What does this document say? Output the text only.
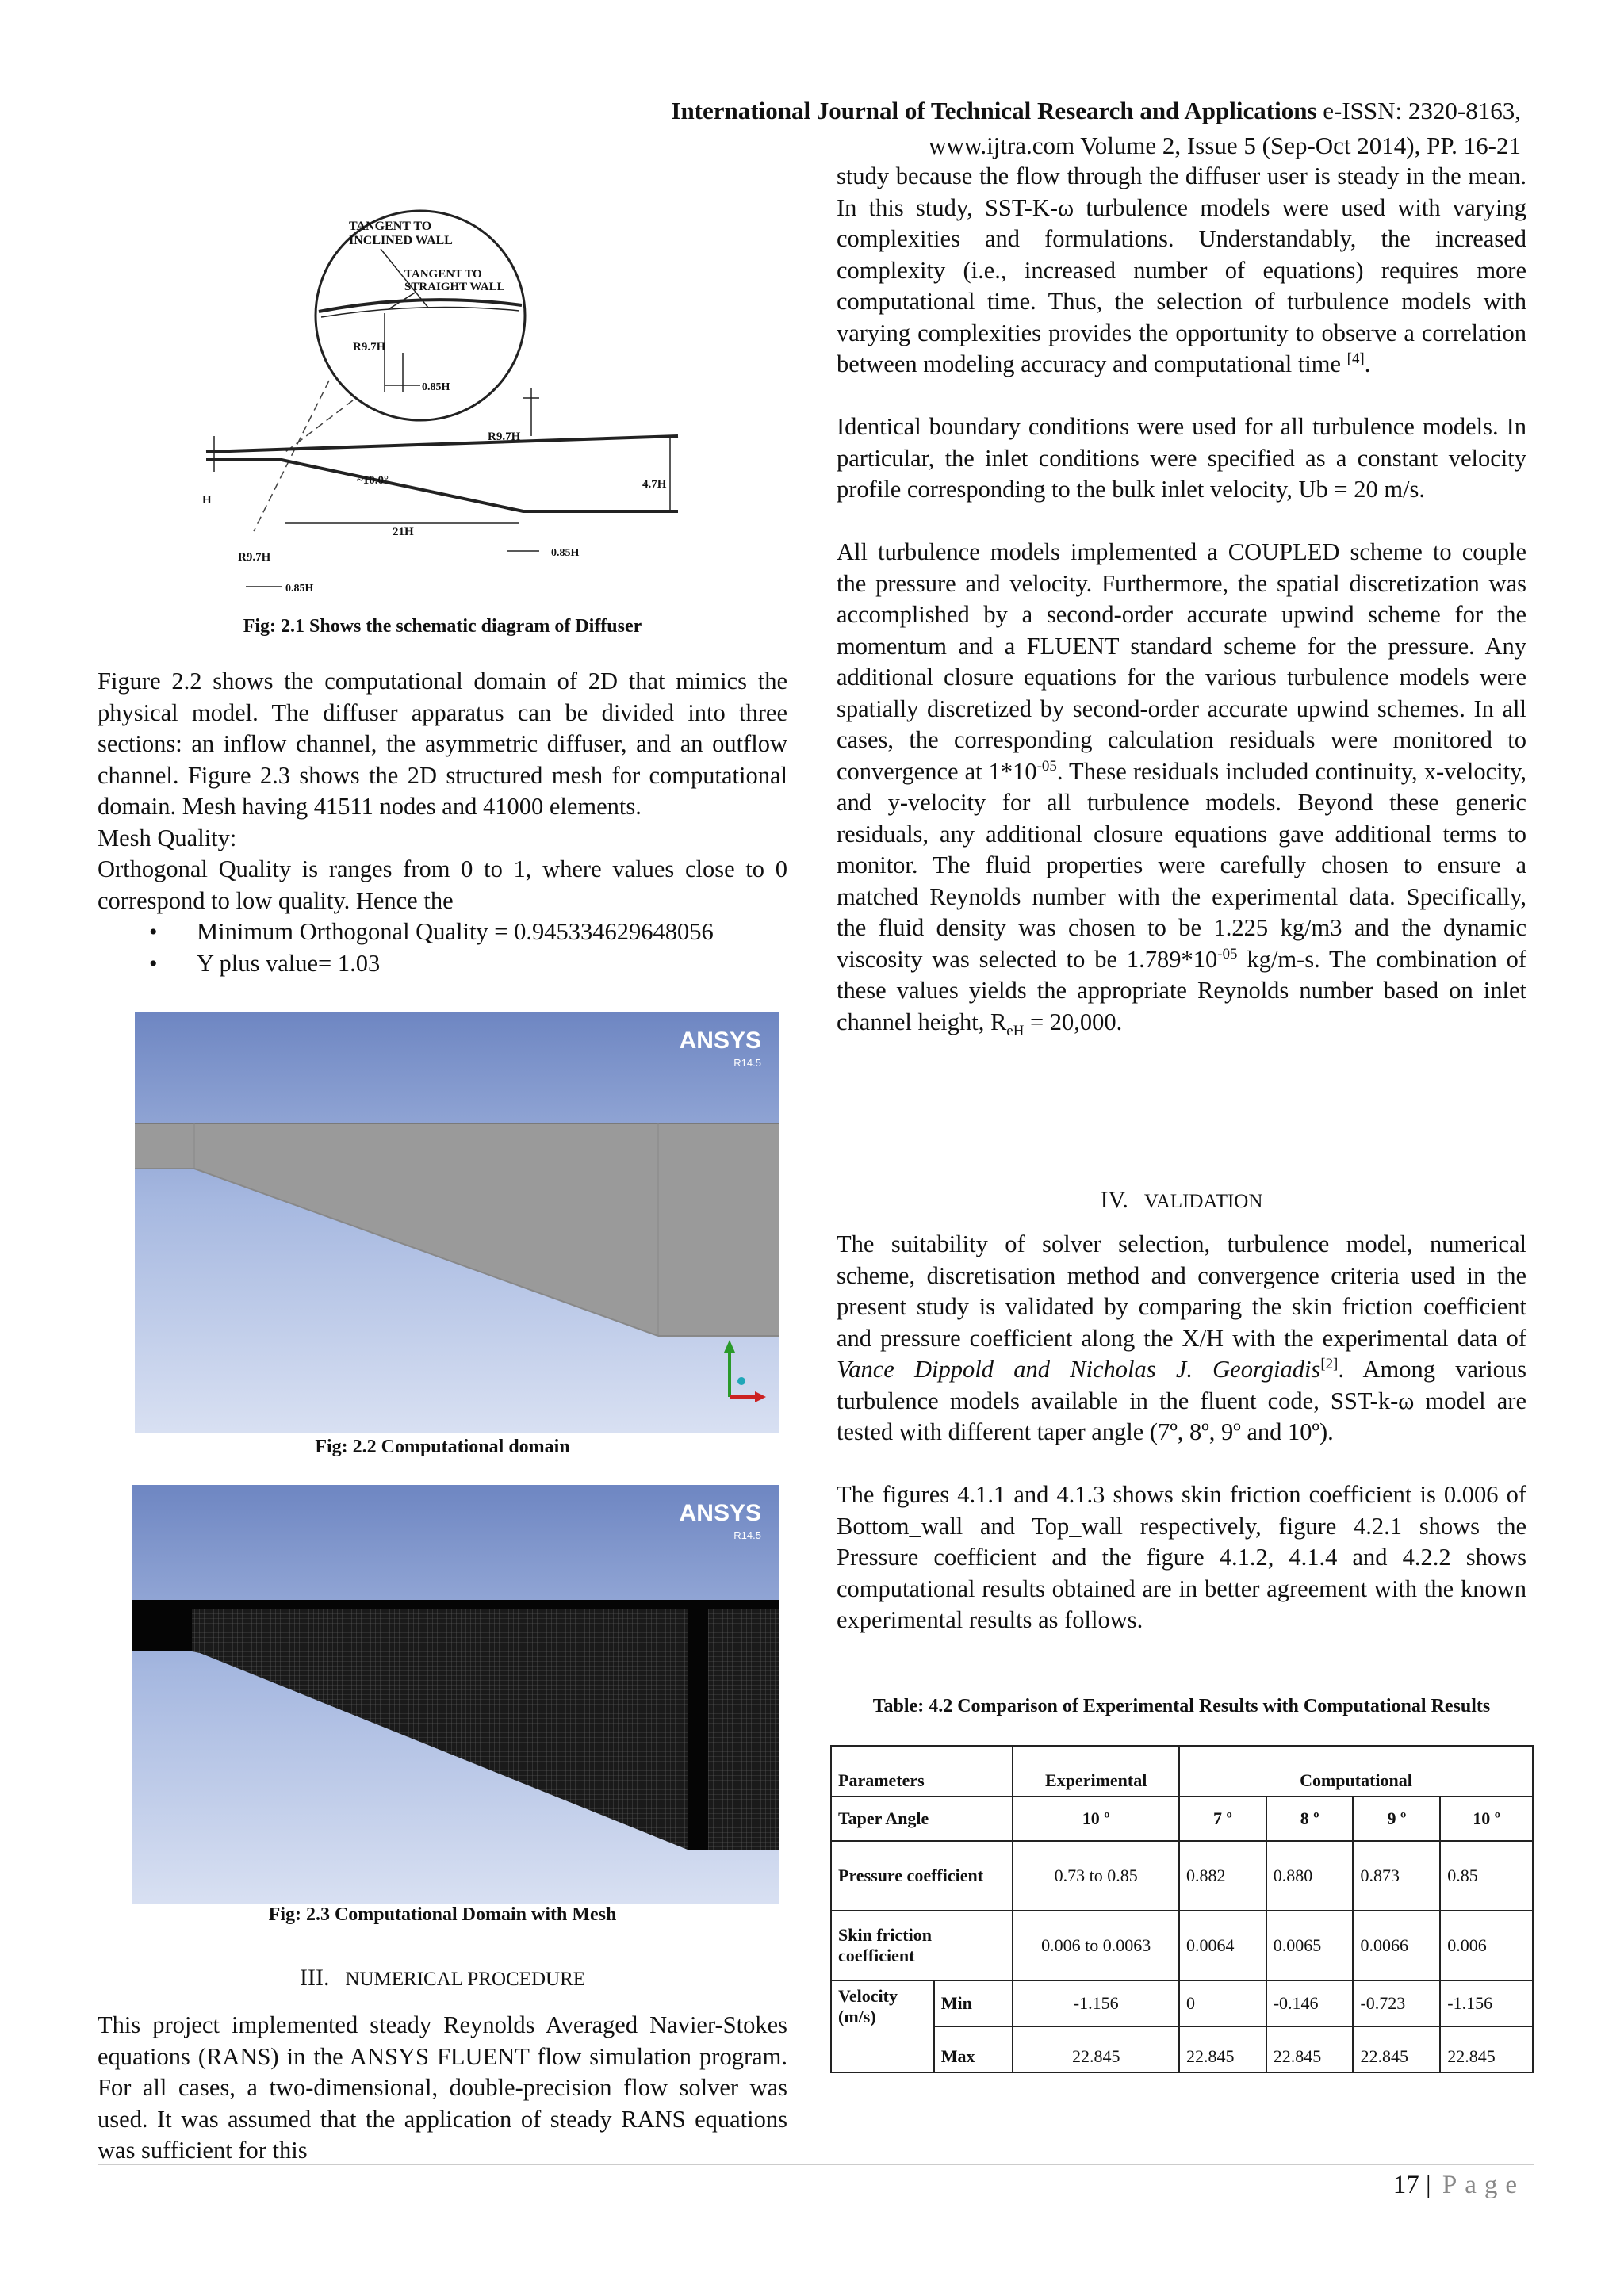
International Journal of Technical Research and Applications e-ISSN: 2320-8163,
www.ijtra.com Volume 2, Issue 5 (Sep-Oct 2014), PP. 16-21
TANGENT TO
INCLINED WALL
TANGENT TO
STRAIGHT WALL
R9.7H
0.85H
R9.7H
H
~10.0°	4.7H
21H
0.85H
R9.7H
0.85H
Fig: 2.1 Shows the schematic diagram of Diffuser

Figure 2.2 shows the computational domain of 2D that mimics the physical model. The diffuser apparatus can be divided into three sections: an inflow channel, the asymmetric diffuser, and an outflow channel. Figure 2.3 shows the 2D structured mesh for computational domain. Mesh having 41511 nodes and 41000 elements.

Mesh Quality:

Orthogonal Quality is ranges from 0 to 1, where values close to 0 correspond to low quality. Hence the

• Minimum Orthogonal Quality = 0.945334629648056
• Y plus value= 1.03
ANSYS
R14.5
Fig: 2.2 Computational domain
ANSYS
R14.5
Fig: 2.3 Computational Domain with Mesh
III. NUMERICAL PROCEDURE

This project implemented steady Reynolds Averaged Navier-Stokes equations (RANS) in the ANSYS FLUENT flow simulation program. For all cases, a two-dimensional, double-precision flow solver was used. It was assumed that the application of steady RANS equations was sufficient for this

study because the flow through the diffuser user is steady in the mean. In this study, SST-K-ω turbulence models were used with varying complexities and formulations. Understandably, the increased complexity (i.e., increased number of equations) requires more computational time. Thus, the selection of turbulence models with varying complexities provides the opportunity to observe a correlation between modeling accuracy and computational time [4].

Identical boundary conditions were used for all turbulence models. In particular, the inlet conditions were specified as a constant velocity profile corresponding to the bulk inlet velocity, Ub = 20 m/s.

All turbulence models implemented a COUPLED scheme to couple the pressure and velocity. Furthermore, the spatial discretization was accomplished by a second-order accurate upwind scheme for the momentum and a FLUENT standard scheme for the pressure. Any additional closure equations for the various turbulence models were spatially discretized by second-order accurate upwind schemes. In all cases, the corresponding calculation residuals were monitored to convergence at $1*10^{-05}$. These residuals included continuity, x-velocity, and y-velocity for all turbulence models. Beyond these generic residuals, any additional closure equations gave additional terms to monitor. The fluid properties were carefully chosen to ensure a matched Reynolds number with the experimental data. Specifically, the fluid density was chosen to be 1.225 kg/m3 and the dynamic viscosity was selected to be $1.789*10^{-05}$ kg/m-s. The combination of these values yields the appropriate Reynolds number based on inlet channel height, $R_{eH} = 20,000$.

IV. VALIDATION

The suitability of solver selection, turbulence model, numerical scheme, discretisation method and convergence criteria used in the present study is validated by comparing the skin friction coefficient and pressure coefficient along the X/H with the experimental data of Vance Dippold and Nicholas J. Georgiadis[2]. Among various turbulence models available in the fluent code, SST-k-ω model are tested with different taper angle (7º, 8º, 9º and 10º).

The figures 4.1.1 and 4.1.3 shows skin friction coefficient is 0.006 of Bottom_wall and Top_wall respectively, figure 4.2.1 shows the Pressure coefficient and the figure 4.1.2, 4.1.4 and 4.2.2 shows computational results obtained are in better agreement with the known experimental results as follows.

Table: 4.2 Comparison of Experimental Results with Computational Results
Parameters		Experimental	Computational			
Taper Angle		10 º	7 º	8 º	9 º	10 º
Pressure coefficient		0.73 to 0.85	0.882	0.880	0.873	0.85
Skin friction coefficient		0.006 to 0.0063	0.0064	0.0065	0.0066	0.006
Velocity (m/s)	Min	-1.156	0	-0.146	-0.723	-1.156
	Max	22.845	22.845	22.845	22.845	22.845
17 | Page
